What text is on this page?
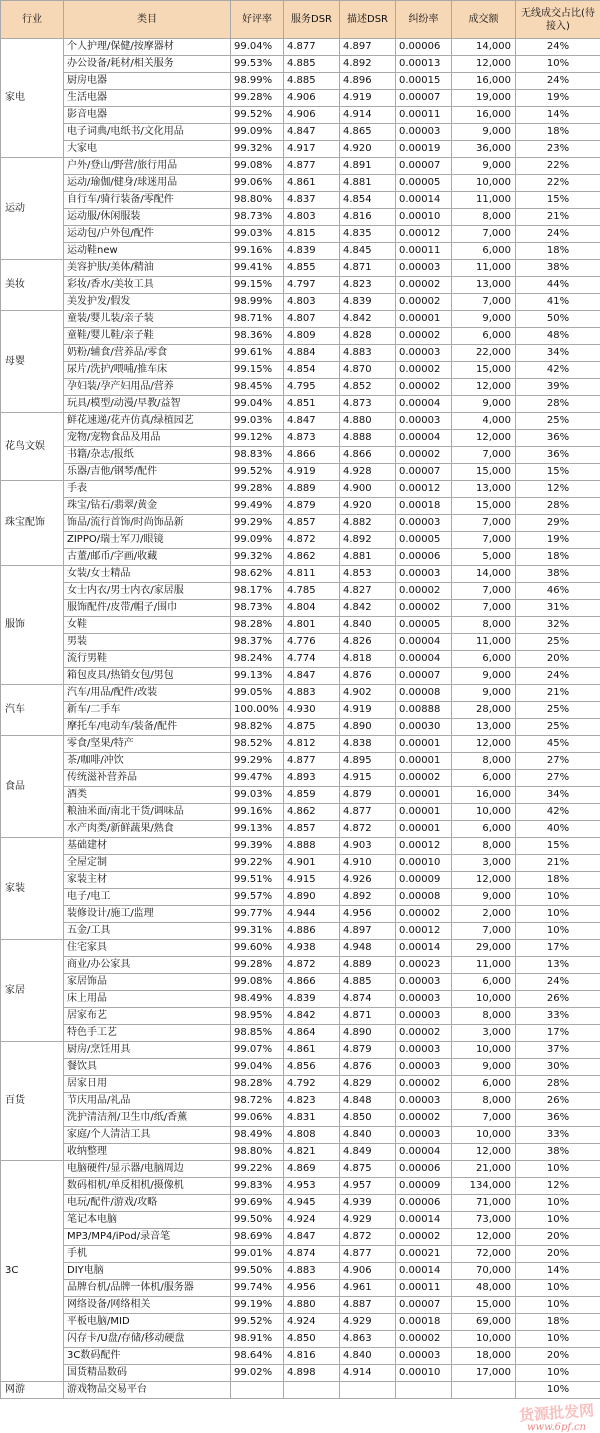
行业	类目	好评率	服务DSR	描述DSR	纠纷率	成交额	无线成交占比(待接入)
家电	个人护理/保健/按摩器材	99.04%	4.877	4.897	0.00006	14,000	24%
	办公设备/耗材/相关服务	99.53%	4.885	4.892	0.00013	12,000	10%
	厨房电器	98.99%	4.885	4.896	0.00015	16,000	24%
	生活电器	99.28%	4.906	4.919	0.00007	19,000	19%
	影音电器	99.52%	4.906	4.914	0.00011	16,000	14%
	电子词典/电纸书/文化用品	99.09%	4.847	4.865	0.00003	9,000	18%
	大家电	99.32%	4.917	4.920	0.00019	36,000	23%
运动	户外/登山/野营/旅行用品	99.08%	4.877	4.891	0.00007	9,000	22%
	运动/瑜伽/健身/球迷用品	99.06%	4.861	4.881	0.00005	10,000	22%
	自行车/骑行装备/零配件	98.80%	4.837	4.854	0.00014	11,000	15%
	运动服/休闲服装	98.73%	4.803	4.816	0.00010	8,000	21%
	运动包/户外包/配件	99.03%	4.815	4.835	0.00012	7,000	24%
	运动鞋new	99.16%	4.839	4.845	0.00011	6,000	18%
美妆	美容护肤/美体/精油	99.41%	4.855	4.871	0.00003	11,000	38%
	彩妆/香水/美妆工具	99.15%	4.797	4.823	0.00002	13,000	44%
	美发护发/假发	98.99%	4.803	4.839	0.00002	7,000	41%
母婴	童装/婴儿装/亲子装	98.71%	4.807	4.842	0.00001	9,000	50%
	童鞋/婴儿鞋/亲子鞋	98.36%	4.809	4.828	0.00002	6,000	48%
	奶粉/辅食/营养品/零食	99.61%	4.884	4.883	0.00003	22,000	34%
	尿片/洗护/喂哺/推车床	99.15%	4.854	4.870	0.00002	15,000	42%
	孕妇装/孕产妇用品/营养	98.45%	4.795	4.852	0.00002	12,000	39%
	玩具/模型/动漫/早教/益智	99.04%	4.851	4.873	0.00004	9,000	28%
花鸟文娱	鲜花速递/花卉仿真/绿植园艺	99.03%	4.847	4.880	0.00003	4,000	25%
	宠物/宠物食品及用品	99.12%	4.873	4.888	0.00004	12,000	36%
	书籍/杂志/报纸	98.83%	4.866	4.866	0.00002	7,000	36%
	乐器/吉他/钢琴/配件	99.52%	4.919	4.928	0.00007	15,000	15%
珠宝配饰	手表	99.28%	4.889	4.900	0.00012	13,000	12%
	珠宝/钻石/翡翠/黄金	99.49%	4.879	4.920	0.00018	15,000	28%
	饰品/流行首饰/时尚饰品新	99.29%	4.857	4.882	0.00003	7,000	29%
	ZIPPO/瑞士军刀/眼镜	99.09%	4.872	4.892	0.00005	7,000	19%
	古董/邮币/字画/收藏	99.32%	4.862	4.881	0.00006	5,000	18%
服饰	女装/女士精品	98.62%	4.811	4.853	0.00003	14,000	38%
	女士内衣/男士内衣/家居服	98.17%	4.785	4.827	0.00002	7,000	46%
	服饰配件/皮带/帽子/围巾	98.73%	4.804	4.842	0.00002	7,000	31%
	女鞋	98.28%	4.801	4.840	0.00005	8,000	32%
	男装	98.37%	4.776	4.826	0.00004	11,000	25%
	流行男鞋	98.24%	4.774	4.818	0.00004	6,000	20%
	箱包皮具/热销女包/男包	99.13%	4.847	4.876	0.00007	9,000	24%
汽车	汽车/用品/配件/改装	99.05%	4.883	4.902	0.00008	9,000	21%
	新车/二手车	100.00%	4.930	4.919	0.00888	28,000	25%
	摩托车/电动车/装备/配件	98.82%	4.875	4.890	0.00030	13,000	25%
食品	零食/坚果/特产	98.52%	4.812	4.838	0.00001	12,000	45%
	茶/咖啡/冲饮	99.29%	4.877	4.895	0.00001	8,000	27%
	传统滋补营养品	99.47%	4.893	4.915	0.00002	6,000	27%
	酒类	99.03%	4.859	4.879	0.00001	16,000	34%
	粮油米面/南北干货/调味品	99.16%	4.862	4.877	0.00001	10,000	42%
	水产肉类/新鲜蔬果/熟食	99.13%	4.857	4.872	0.00001	6,000	40%
家装	基础建材	99.39%	4.888	4.903	0.00012	8,000	15%
	全屋定制	99.22%	4.901	4.910	0.00010	3,000	21%
	家装主材	99.51%	4.915	4.926	0.00009	12,000	18%
	电子/电工	99.57%	4.890	4.892	0.00008	9,000	10%
	装修设计/施工/监理	99.77%	4.944	4.956	0.00002	2,000	10%
	五金/工具	99.31%	4.886	4.897	0.00012	7,000	10%
家居	住宅家具	99.60%	4.938	4.948	0.00014	29,000	17%
	商业/办公家具	99.28%	4.872	4.889	0.00023	11,000	13%
	家居饰品	99.08%	4.866	4.885	0.00003	6,000	24%
	床上用品	98.49%	4.839	4.874	0.00003	10,000	26%
	居家布艺	98.95%	4.842	4.871	0.00003	8,000	33%
	特色手工艺	98.85%	4.864	4.890	0.00002	3,000	17%
百货	厨房/烹饪用具	99.07%	4.861	4.879	0.00003	10,000	37%
	餐饮具	99.04%	4.856	4.876	0.00003	9,000	30%
	居家日用	98.28%	4.792	4.829	0.00002	6,000	28%
	节庆用品/礼品	98.72%	4.823	4.848	0.00003	8,000	26%
	洗护清洁剂/卫生巾/纸/香薰	99.06%	4.831	4.850	0.00002	7,000	36%
	家庭/个人清洁工具	98.49%	4.808	4.840	0.00003	10,000	33%
	收纳整理	98.80%	4.821	4.849	0.00004	12,000	38%
3C	电脑硬件/显示器/电脑周边	99.22%	4.869	4.875	0.00006	21,000	10%
	数码相机/单反相机/摄像机	99.83%	4.953	4.957	0.00009	134,000	12%
	电玩/配件/游戏/攻略	99.69%	4.945	4.939	0.00006	71,000	10%
	笔记本电脑	99.50%	4.924	4.929	0.00014	73,000	10%
	MP3/MP4/iPod/录音笔	98.69%	4.847	4.872	0.00002	12,000	20%
	手机	99.01%	4.874	4.877	0.00021	72,000	20%
	DIY电脑	99.50%	4.883	4.906	0.00014	70,000	14%
	品牌台机/品牌一体机/服务器	99.74%	4.956	4.961	0.00011	48,000	10%
	网络设备/网络相关	99.19%	4.880	4.887	0.00007	15,000	10%
	平板电脑/MID	99.52%	4.924	4.929	0.00018	69,000	18%
	闪存卡/U盘/存储/移动硬盘	98.91%	4.850	4.863	0.00002	10,000	10%
	3C数码配件	98.64%	4.816	4.840	0.00003	18,000	20%
	国货精品数码	99.02%	4.898	4.914	0.00010	17,000	10%
网游	游戏物品交易平台						10%
货源批发网
www.6pf.cn
